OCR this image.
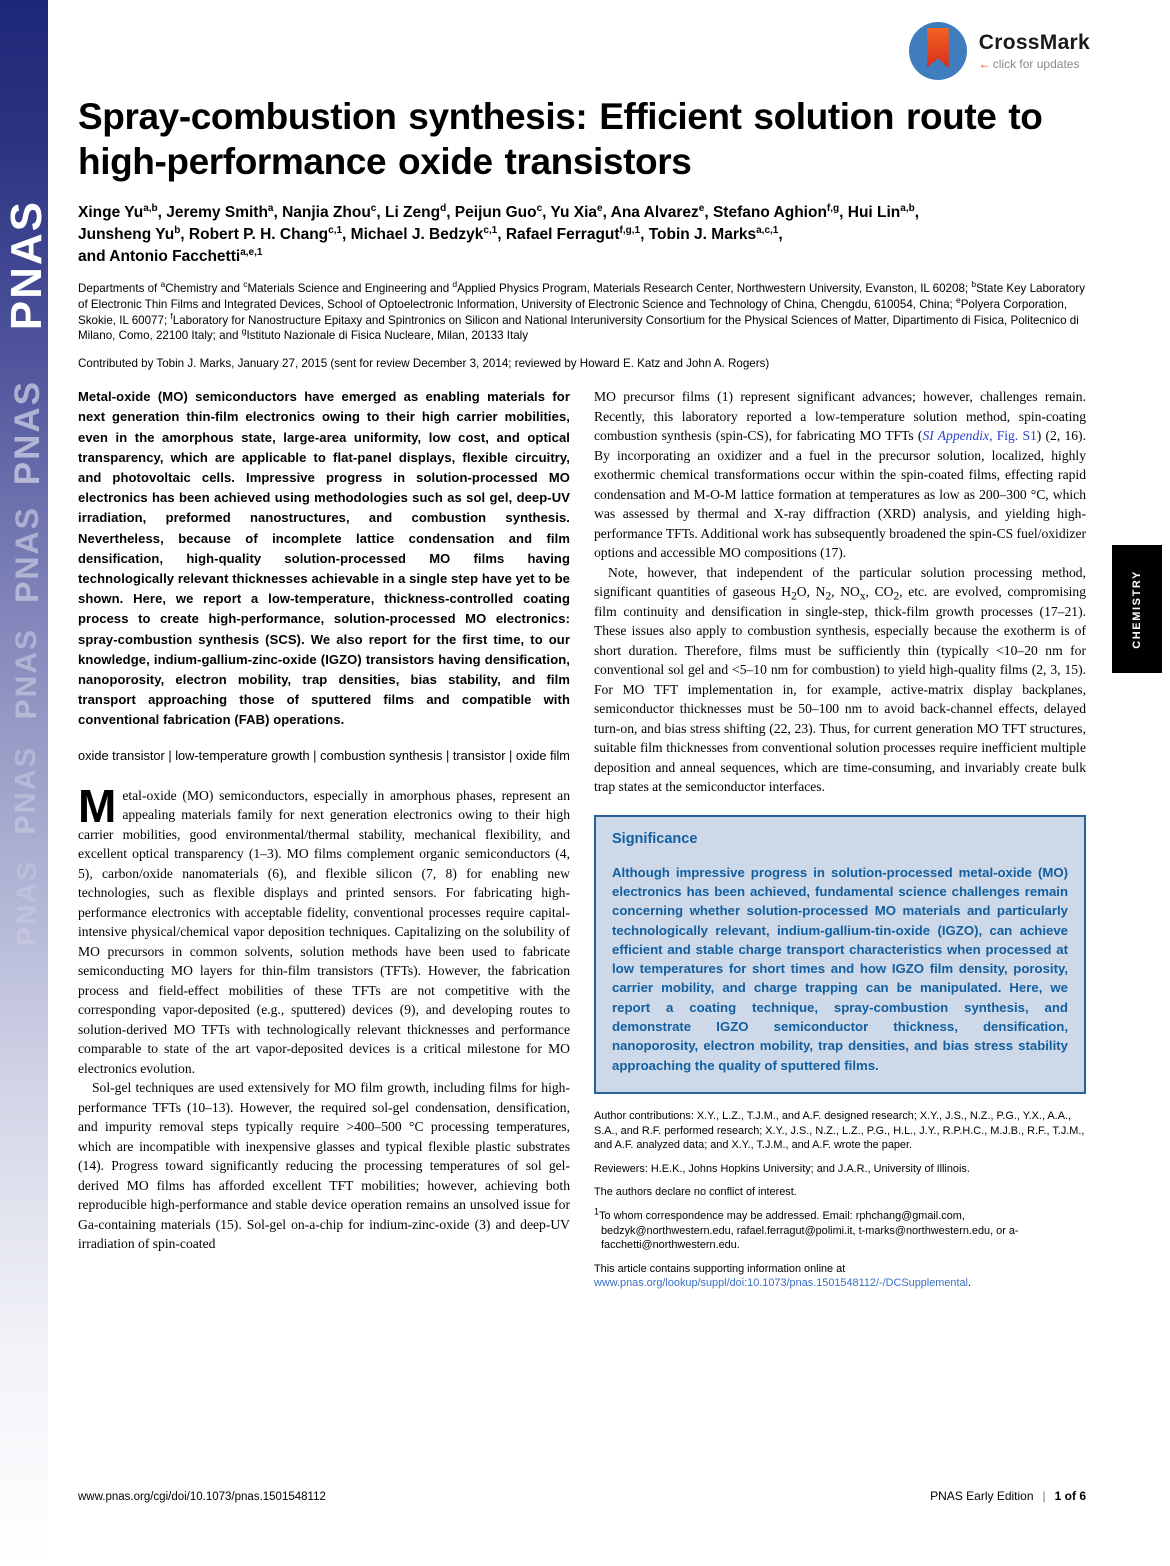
PNAS
PNAS
PNAS
PNAS
PNAS
PNAS
CrossMark
← click for updates
CHEMISTRY
Spray-combustion synthesis: Efficient solution route to high-performance oxide transistors
Xinge Yu$^{a,b}$, Jeremy Smith$^a$, Nanjia Zhou$^c$, Li Zeng$^d$, Peijun Guo$^c$, Yu Xia$^e$, Ana Alvarez$^e$, Stefano Aghion$^{f,g}$, Hui Lin$^{a,b}$,
Junsheng Yu$^b$, Robert P. H. Chang$^{c,1}$, Michael J. Bedzyk$^{c,1}$, Rafael Ferragut$^{f,g,1}$, Tobin J. Marks$^{a,c,1}$,
and Antonio Facchetti$^{a,e,1}$
Departments of $^a$Chemistry and $^c$Materials Science and Engineering and $^d$Applied Physics Program, Materials Research Center, Northwestern University, Evanston, IL 60208; $^b$State Key Laboratory of Electronic Thin Films and Integrated Devices, School of Optoelectronic Information, University of Electronic Science and Technology of China, Chengdu, 610054, China; $^e$Polyera Corporation, Skokie, IL 60077; $^f$Laboratory for Nanostructure Epitaxy and Spintronics on Silicon and National Interuniversity Consortium for the Physical Sciences of Matter, Dipartimento di Fisica, Politecnico di Milano, Como, 22100 Italy; and $^g$Istituto Nazionale di Fisica Nucleare, Milan, 20133 Italy
Contributed by Tobin J. Marks, January 27, 2015 (sent for review December 3, 2014; reviewed by Howard E. Katz and John A. Rogers)
Metal-oxide (MO) semiconductors have emerged as enabling materials for next generation thin-film electronics owing to their high carrier mobilities, even in the amorphous state, large-area uniformity, low cost, and optical transparency, which are applicable to flat-panel displays, flexible circuitry, and photovoltaic cells. Impressive progress in solution-processed MO electronics has been achieved using methodologies such as sol gel, deep-UV irradiation, preformed nanostructures, and combustion synthesis. Nevertheless, because of incomplete lattice condensation and film densification, high-quality solution-processed MO films having technologically relevant thicknesses achievable in a single step have yet to be shown. Here, we report a low-temperature, thickness-controlled coating process to create high-performance, solution-processed MO electronics: spray-combustion synthesis (SCS). We also report for the first time, to our knowledge, indium-gallium-zinc-oxide (IGZO) transistors having densification, nanoporosity, electron mobility, trap densities, bias stability, and film transport approaching those of sputtered films and compatible with conventional fabrication (FAB) operations.
oxide transistor | low-temperature growth | combustion synthesis | transistor | oxide film

Metal-oxide (MO) semiconductors, especially in amorphous phases, represent an appealing materials family for next generation electronics owing to their high carrier mobilities, good environmental/thermal stability, mechanical flexibility, and excellent optical transparency (1–3). MO films complement organic semiconductors (4, 5), carbon/oxide nanomaterials (6), and flexible silicon (7, 8) for enabling new technologies, such as flexible displays and printed sensors. For fabricating high-performance electronics with acceptable fidelity, conventional processes require capital-intensive physical/chemical vapor deposition techniques. Capitalizing on the solubility of MO precursors in common solvents, solution methods have been used to fabricate semiconducting MO layers for thin-film transistors (TFTs). However, the fabrication process and field-effect mobilities of these TFTs are not competitive with the corresponding vapor-deposited (e.g., sputtered) devices (9), and developing routes to solution-derived MO TFTs with technologically relevant thicknesses and performance comparable to state of the art vapor-deposited devices is a critical milestone for MO electronics evolution.

Sol-gel techniques are used extensively for MO film growth, including films for high-performance TFTs (10–13). However, the required sol-gel condensation, densification, and impurity removal steps typically require >400–500 °C processing temperatures, which are incompatible with inexpensive glasses and typical flexible plastic substrates (14). Progress toward significantly reducing the processing temperatures of sol gel-derived MO films has afforded excellent TFT mobilities; however, achieving both reproducible high-performance and stable device operation remains an unsolved issue for Ga-containing materials (15). Sol-gel on-a-chip for indium-zinc-oxide (3) and deep-UV irradiation of spin-coated

MO precursor films (1) represent significant advances; however, challenges remain. Recently, this laboratory reported a low-temperature solution method, spin-coating combustion synthesis (spin-CS), for fabricating MO TFTs (SI Appendix, Fig. S1) (2, 16). By incorporating an oxidizer and a fuel in the precursor solution, localized, highly exothermic chemical transformations occur within the spin-coated films, effecting rapid condensation and M-O-M lattice formation at temperatures as low as 200–300 °C, which was assessed by thermal and X-ray diffraction (XRD) analysis, and yielding high-performance TFTs. Additional work has subsequently broadened the spin-CS fuel/oxidizer options and accessible MO compositions (17).

Note, however, that independent of the particular solution processing method, significant quantities of gaseous $H_2O$, $N_2$, $NO_x$, $CO_2$, etc. are evolved, compromising film continuity and densification in single-step, thick-film growth processes (17–21). These issues also apply to combustion synthesis, especially because the exotherm is of short duration. Therefore, films must be sufficiently thin (typically <10–20 nm for conventional sol gel and <5–10 nm for combustion) to yield high-quality films (2, 3, 15). For MO TFT implementation in, for example, active-matrix display backplanes, semiconductor thicknesses must be 50–100 nm to avoid back-channel effects, delayed turn-on, and bias stress shifting (22, 23). Thus, for current generation MO TFT structures, suitable film thicknesses from conventional solution processes require inefficient multiple deposition and anneal sequences, which are time-consuming, and invariably create bulk trap states at the semiconductor interfaces.

Significance
Although impressive progress in solution-processed metal-oxide (MO) electronics has been achieved, fundamental science challenges remain concerning whether solution-processed MO materials and particularly technologically relevant, indium-gallium-tin-oxide (IGZO), can achieve efficient and stable charge transport characteristics when processed at low temperatures for short times and how IGZO film density, porosity, carrier mobility, and charge trapping can be manipulated. Here, we report a coating technique, spray-combustion synthesis, and demonstrate IGZO semiconductor thickness, densification, nanoporosity, electron mobility, trap densities, and bias stress stability approaching the quality of sputtered films.
Author contributions: X.Y., L.Z., T.J.M., and A.F. designed research; X.Y., J.S., N.Z., P.G., Y.X., A.A., S.A., and R.F. performed research; X.Y., J.S., N.Z., L.Z., P.G., H.L., J.Y., R.P.H.C., M.J.B., R.F., T.J.M., and A.F. analyzed data; and X.Y., T.J.M., and A.F. wrote the paper.
Reviewers: H.E.K., Johns Hopkins University; and J.A.R., University of Illinois.
The authors declare no conflict of interest.
$^1$To whom correspondence may be addressed. Email: rphchang@gmail.com, bedzyk@northwestern.edu, rafael.ferragut@polimi.it, t-marks@northwestern.edu, or a-facchetti@northwestern.edu.
This article contains supporting information online at www.pnas.org/lookup/suppl/doi:10.1073/pnas.1501548112/-/DCSupplemental.
www.pnas.org/cgi/doi/10.1073/pnas.1501548112	PNAS Early Edition | 1 of 6
